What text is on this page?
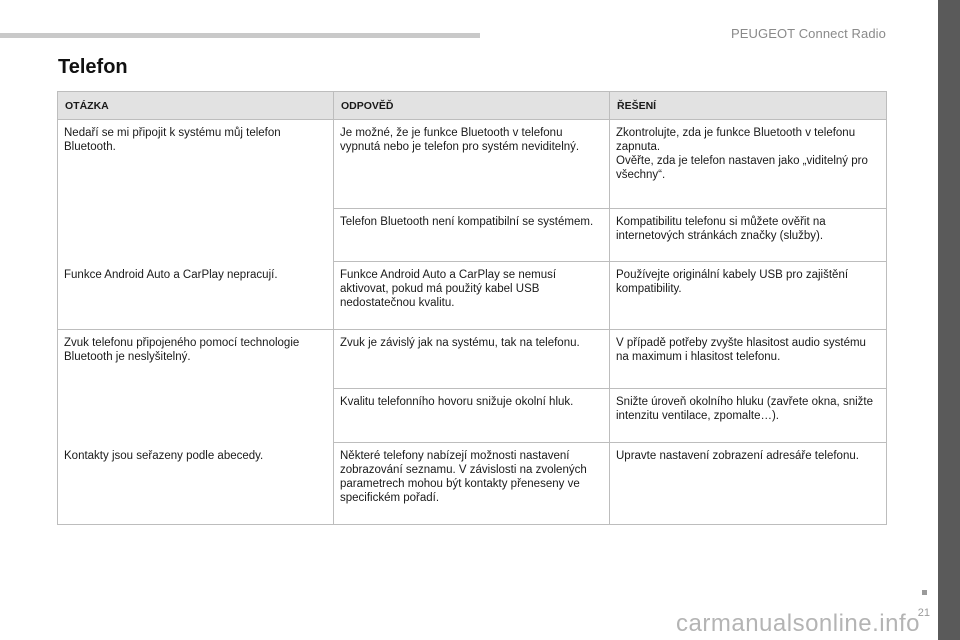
PEUGEOT Connect Radio
Telefon
OTÁZKA	ODPOVĚĎ	ŘEŠENÍ
Nedaří se mi připojit k systému můj telefon Bluetooth.	Je možné, že je funkce Bluetooth v telefonu vypnutá nebo je telefon pro systém neviditelný.	Zkontrolujte, zda je funkce Bluetooth v telefonu zapnuta.
Ověřte, zda je telefon nastaven jako „viditelný pro všechny“.

	Telefon Bluetooth není kompatibilní se systémem.	Kompatibilitu telefonu si můžete ověřit na internetových stránkách značky (služby).

Funkce Android Auto a CarPlay nepracují.	Funkce Android Auto a CarPlay se nemusí aktivovat, pokud má použitý kabel USB nedostatečnou kvalitu.	Používejte originální kabely USB pro zajištění kompatibility.

Zvuk telefonu připojeného pomocí technologie Bluetooth je neslyšitelný.	Zvuk je závislý jak na systému, tak na telefonu.	V případě potřeby zvyšte hlasitost audio systému na maximum i hlasitost telefonu.

	Kvalitu telefonního hovoru snižuje okolní hluk.	Snižte úroveň okolního hluku (zavřete okna, snižte intenzitu ventilace, zpomalte…).

Kontakty jsou seřazeny podle abecedy.	Některé telefony nabízejí možnosti nastavení zobrazování seznamu. V závislosti na zvolených parametrech mohou být kontakty přeneseny ve specifickém pořadí.	Upravte nastavení zobrazení adresáře telefonu.
21
carmanualsonline.info
